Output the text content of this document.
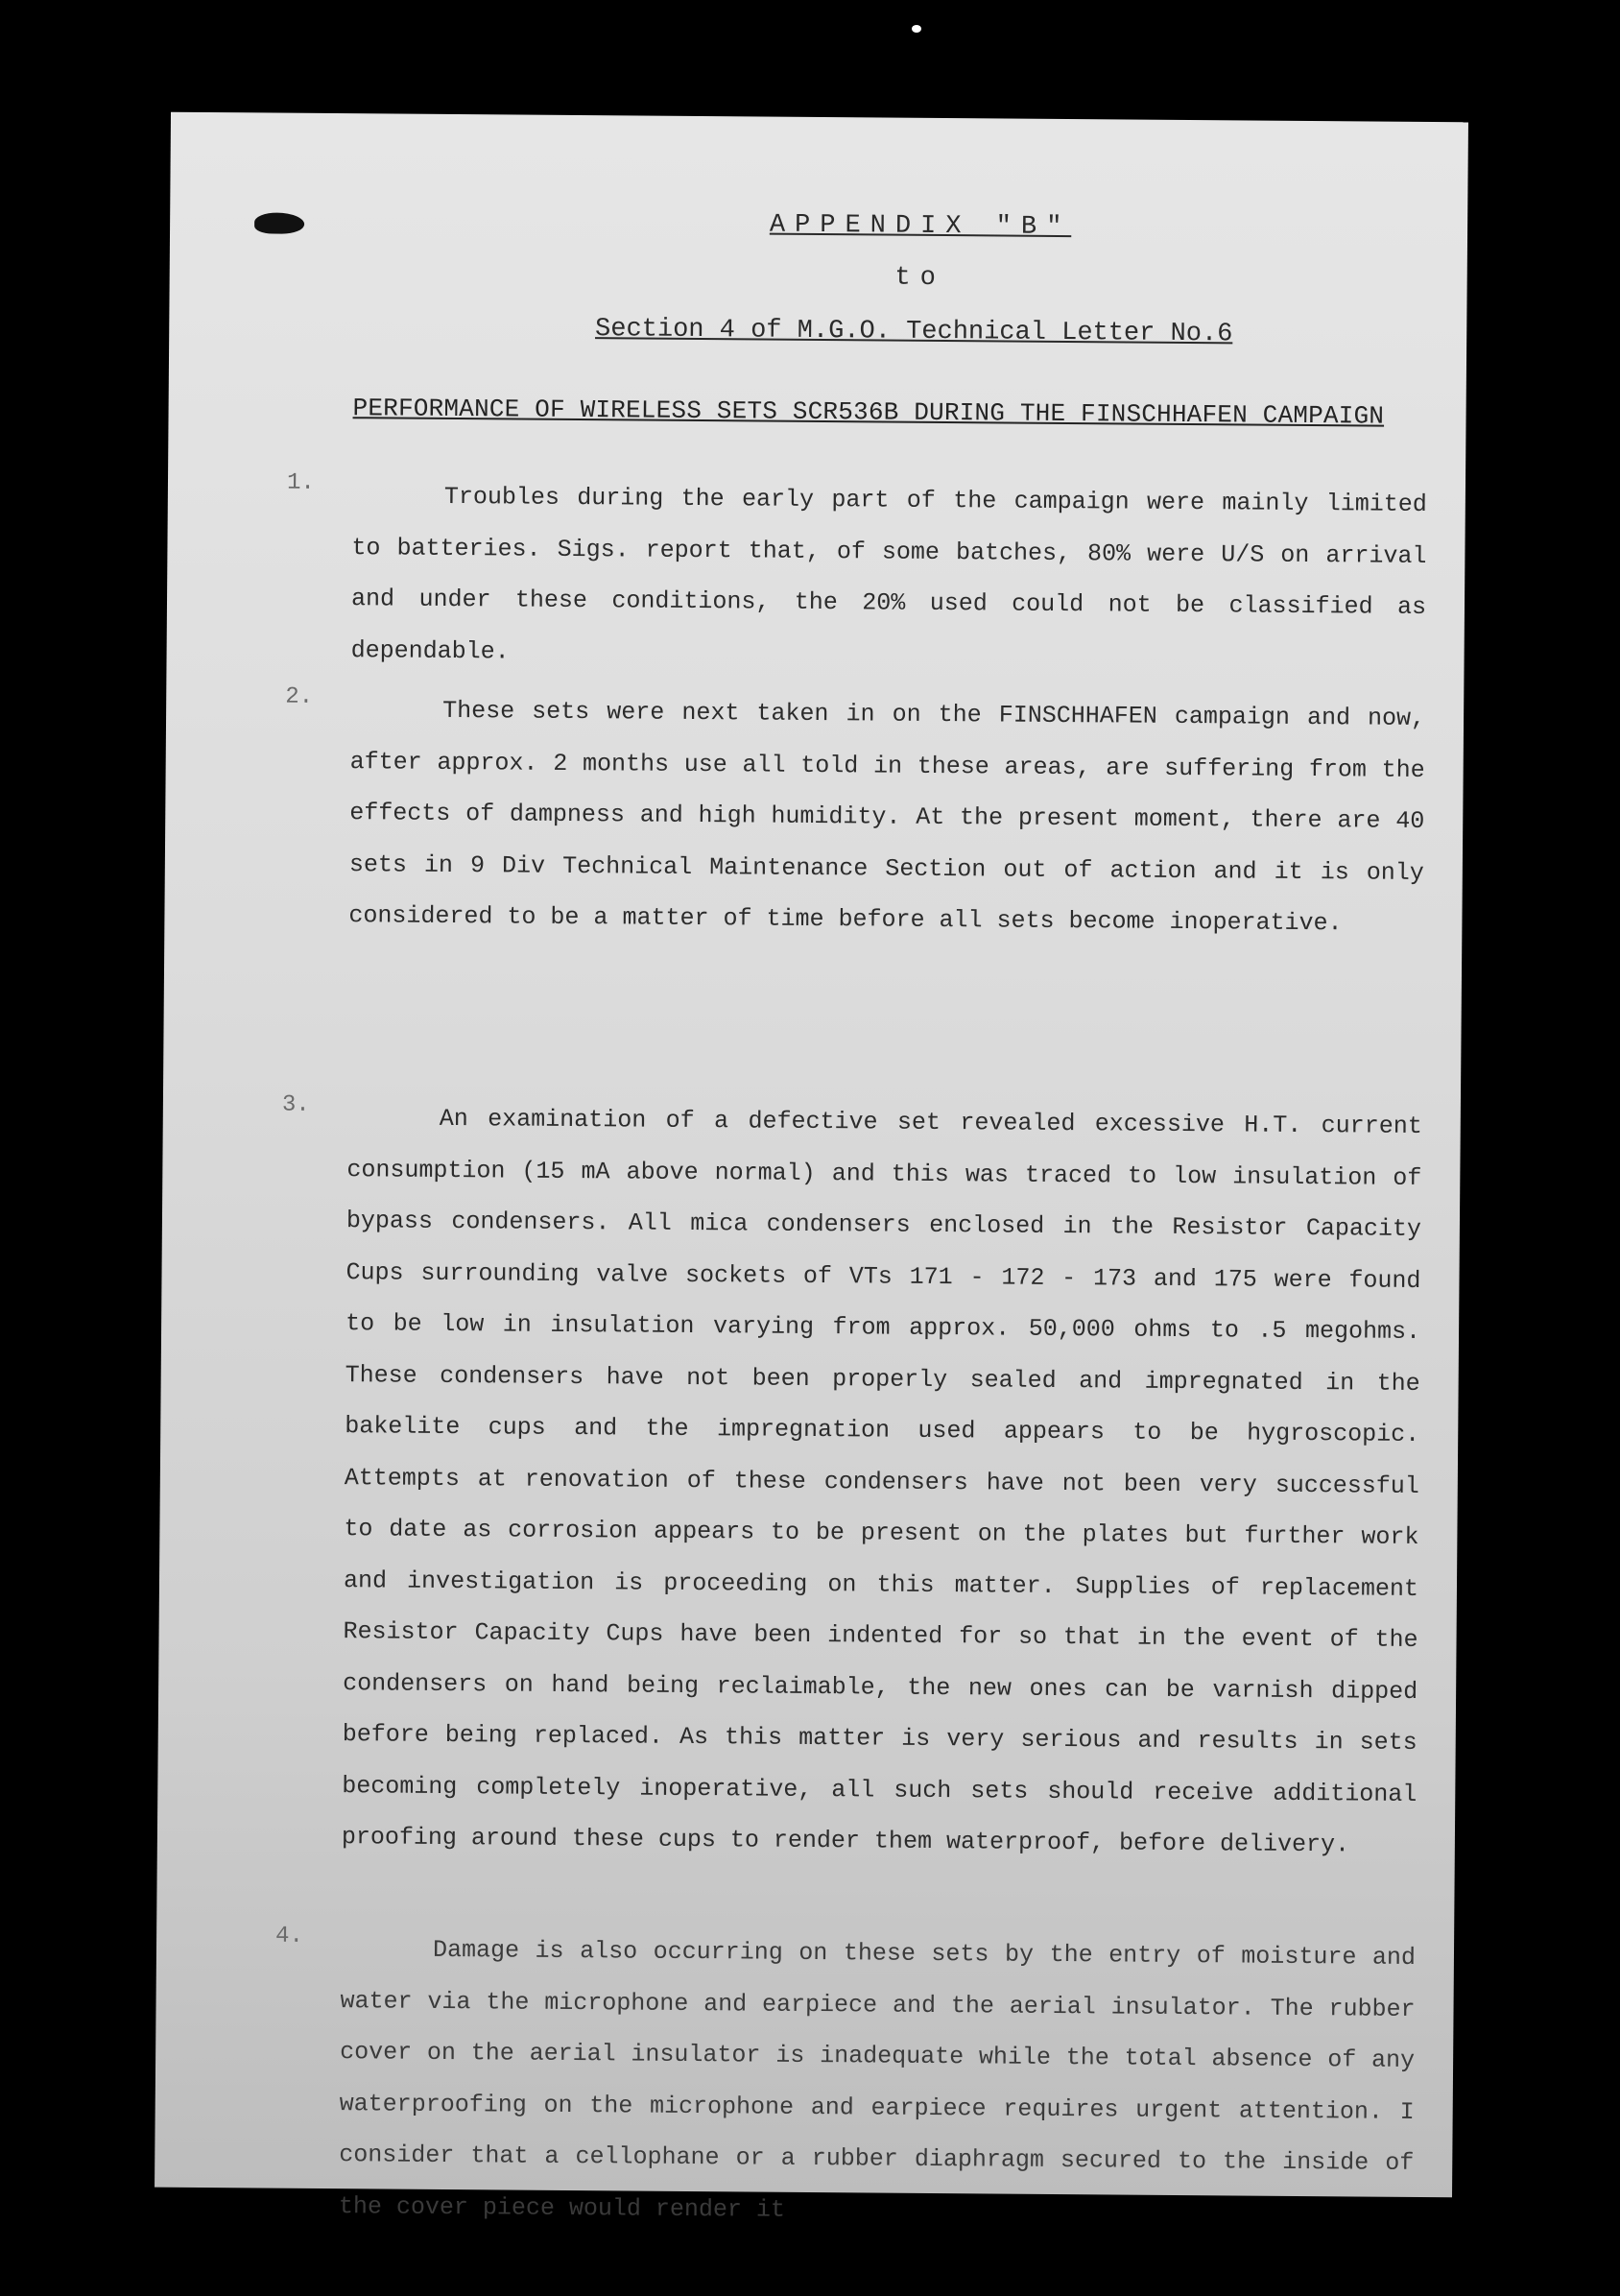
APPENDIX "B"
to
Section 4 of M.G.O. Technical Letter No.6
PERFORMANCE OF WIRELESS SETS SCR536B DURING THE FINSCHHAFEN CAMPAIGN
1.	Troubles during the early part of the campaign were mainly limited to batteries. Sigs. report that, of some batches, 80% were U/S on arrival and under these conditions, the 20% used could not be classified as dependable.
2.	These sets were next taken in on the FINSCHHAFEN campaign and now, after approx. 2 months use all told in these areas, are suffering from the effects of dampness and high humidity. At the present moment, there are 40 sets in 9 Div Technical Maintenance Section out of action and it is only considered to be a matter of time before all sets become inoperative.
3.	An examination of a defective set revealed excessive H.T. current consumption (15 mA above normal) and this was traced to low insulation of bypass condensers. All mica condensers enclosed in the Resistor Capacity Cups surrounding valve sockets of VTs 171 - 172 - 173 and 175 were found to be low in insulation varying from approx. 50,000 ohms to .5 megohms. These condensers have not been properly sealed and impregnated in the bakelite cups and the impregnation used appears to be hygroscopic. Attempts at renovation of these condensers have not been very successful to date as corrosion appears to be present on the plates but further work and investigation is proceeding on this matter. Supplies of replacement Resistor Capacity Cups have been indented for so that in the event of the condensers on hand being reclaimable, the new ones can be varnish dipped before being replaced. As this matter is very serious and results in sets becoming completely inoperative, all such sets should receive additional proofing around these cups to render them waterproof, before delivery.
4.	Damage is also occurring on these sets by the entry of moisture and water via the microphone and earpiece and the aerial insulator. The rubber cover on the aerial insulator is inadequate while the total absence of any waterproofing on the microphone and earpiece requires urgent attention. I consider that a cellophane or a rubber diaphragm secured to the inside of the cover piece would render it
